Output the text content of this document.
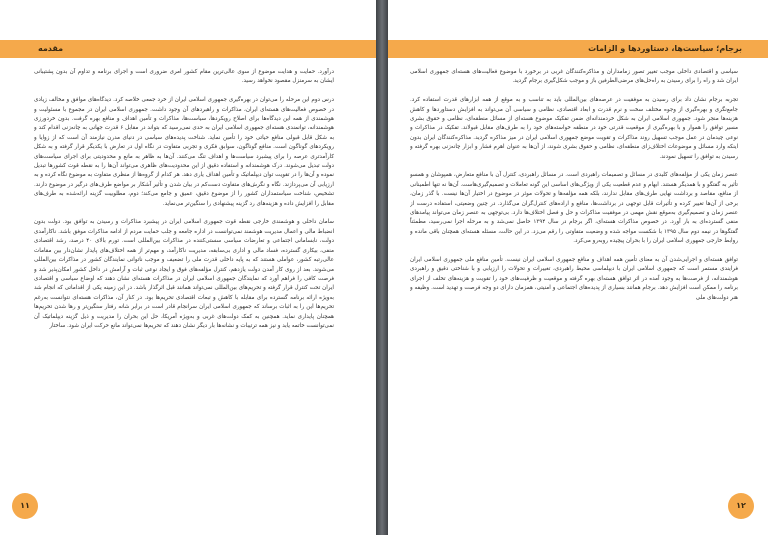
مقدمه

درآورد. حمایت و هدایت موضوع از سوی عالی‌ترین مقام کشور امری ضروری است و اجرای برنامه و تداوم آن بدون پشتیبانی ایشان به سرمنزل مقصود نخواهد رسید.

درس دوم این مرحله را می‌توان در بهره‌گیری جمهوری اسلامی ایران از خرد جمعی خلاصه کرد. دیدگاه‌های موافق و مخالف زیادی در خصوص فعالیت‌های هسته‌ای ایران، مذاکرات و راهبردهای آن وجود داشت. جمهوری اسلامی ایران در مجموع با مسئولیت و هوشمندی از همه این دیدگاه‌ها برای اصلاح رویکردها، سیاست‌ها، مذاکرات و تأمین اهداف و منافع بهره گرفت. بدون خردورزی هوشمندانه، توانمندی هسته‌ای جمهوری اسلامی ایران به حدی نمی‌رسید که بتواند در مقابل ۶ قدرت جهانی به چانه‌زنی اقدام کند و به شکل قابل قبولی منافع حیاتی خود را تأمین نماید. شناخت پدیده‌های سیاسی در دنیای مدرن نیازمند آن است که از زوایا و رویکردهای گوناگون است. منافع گوناگون، سوابق فکری و تجربی متفاوت در نگاه اول در تعارض با یکدیگر قرار گرفته و به شکل کارآمدتری عرصه را برای پیشبرد سیاست‌ها و اهداف تنگ می‌کنند. آن‌ها به ظاهر به مانع و محدودیتی برای اجرای سیاست‌های دولت تبدیل می‌شوند. درک هوشمندانه و استفاده دقیق از این محدودیت‌های ظاهری می‌تواند آن‌ها را به نقطه قوت کشورها تبدیل نموده و آن‌ها را در تقویت توان دیپلماتیک و تأمین اهداف یاری دهد. هر کدام از گروه‌ها از منظری متفاوت به موضوع نگاه کرده و به ارزیابی آن می‌پردازند. نگاه و نگرش‌های متفاوت دست‌کم در بیان شدن و تأثیر آشکار بر مواضع طرف‌های درگیر در موضوع دارند. تشخیص، شناخت سیاستمداران کشور را از موضوع دقیق، عمیق و جامع می‌کند؛ دوم، مطلوبیت گزینه ارائه‌شده به طرف‌های مقابل را افزایش داده و هزینه‌های رد گزینه پیشنهادی را سنگین‌تر می‌نماید.

سامان داخلی و هوشمندی خارجی نقطه قوت جمهوری اسلامی ایران در پیشبرد مذاکرات و رسیدن به توافق بود. دولت بدون انضباط مالی و اعمال مدیریت هوشمند نمی‌توانست در اداره جامعه و جلب حمایت مردم از ادامه مذاکرات موفق باشد. ناکارآمدی دولت، نابسامانی اجتماعی و تعارضات سیاسی سستی‌کننده در مذاکرات بین‌المللی است. تورم بالای ۴۰ درصد، رشد اقتصادی منفی، بیکاری گسترده، فساد مالی و اداری بی‌سابقه، مدیریت ناکارآمد، و مهم‌تر از همه اختلاف‌های پایدار نشان‌دار بین مقامات عالی‌رتبه کشور، عواملی هستند که به پایه داخلی قدرت ملی را تضعیف و موجب ناتوانی نمایندگان کشور در مذاکرات بین‌المللی می‌شوند. بعد از روی کار آمدن دولت یازدهم، کنترل مؤلفه‌های فوق و ایجاد نوعی ثبات و آرامش در داخل کشور امکان‌پذیر شد و فرصت کافی را فراهم آورد که نمایندگان جمهوری اسلامی ایران در مذاکرات هسته‌ای نشان دهند که اوضاع سیاسی و اقتصادی ایران تحت کنترل قرار گرفته و تحریم‌های بین‌المللی نمی‌تواند همانند قبل اثرگذار باشد. در این زمینه یکی از اقداماتی که انجام شد به‌ویژه ارائه برنامه گسترده برای مقابله با کاهش و تبعات اقتصادی تحریم‌ها بود. در کنار آن، مذاکرات هسته‌ای نتوانست به‌رغم تحریم‌ها این را به اثبات برساند که جمهوری اسلامی ایران سرانجام قادر است در برابر شانه رفتار سنگین‌تر و رها شدن تحریم‌ها همچنان پایداری نماید. همچنین به کمک دولت‌های غربی و به‌ویژه آمریکا، حل این بحران را مدیریت و ذیل گزینه دیپلماتیک آن نمی‌توانست خاتمه یابد و نیز همه ترتیبات و نشانه‌ها بار دیگر نشان دهند که تحریم‌ها نمی‌تواند مانع حرکت ایران شود. ساختار

۱۱
برجام؛ سیاست‌ها، دستاوردها و الزامات

سیاسی و اقتصادی داخلی موجب تغییر تصور زمامداران و مذاکره‌کنندگان غربی در برخورد با موضوع فعالیت‌های هسته‌ای جمهوری اسلامی ایران شد و راه را برای رسیدن به راه‌حل‌های مرضی‌الطرفین باز و موجب شکل‌گیری برجام گردید.

تجربه برجام نشان داد برای رسیدن به موفقیت در عرصه‌های بین‌المللی باید به تناسب و به موقع از همه ابزارهای قدرت استفاده کرد. جامع‌نگری و بهره‌گیری از وجوه مختلف سخت و نرم قدرت و ابعاد اقتصادی، نظامی و سیاسی آن می‌تواند به افزایش دستاوردها و کاهش هزینه‌ها منجر شود. جمهوری اسلامی ایران به شکل خردمندانه‌ای ضمن تفکیک موضوع هسته‌ای از مسائل منطقه‌ای، نظامی و حقوق بشری مسیر توافق را هموار و با بهره‌گیری از موقعیت قدرتی خود در منطقه خواسته‌های خود را به طرف‌های مقابل قبولاند. تفکیک در مذاکرات و نوعی چیدمان در عمل موجب تسهیل روند مذاکرات و تقویت موضع جمهوری اسلامی ایران در میز مذاکره گردید. مذاکره‌کنندگان ایران بدون اینکه وارد مسائل و موضوعات اختلاف‌زای منطقه‌ای، نظامی و حقوق بشری شوند، از آن‌ها به عنوان اهرم فشار و ابزار چانه‌زنی بهره گرفته و رسیدن به توافق را تسهیل نمودند.

عنصر زمان یکی از مؤلفه‌های کلیدی در مسائل و تصمیمات راهبردی است. در مسائل راهبردی، کنترل آن با منافع متعارض، همپوشان و همسو تأثیر به گفتگو و با همدیگر هستند. ابهام و عدم قطعیت یکی از ویژگی‌های اساسی این گونه تعاملات و تصمیم‌گیری‌هاست. آن‌ها نه تنها اطمینانی از منافع، مقاصد و برداشت نهایی طرف‌های مقابل ندارند، بلکه همه مؤلفه‌ها و تحولات موثر در موضوع در اختیار آن‌ها نیست. با گذر زمان، برخی از آن‌ها تغییر کرده و تأثیرات قابل توجهی در برداشت‌ها، منافع و اراده‌های کنترل‌گران می‌گذارد. در چنین وضعیتی، استفاده درست از عنصر زمان و تصمیم‌گیری به‌موقع نقش مهمی در موفقیت مذاکرات و حل و فصل اختلاف‌ها دارد. بی‌توجهی به عنصر زمان می‌تواند پیامدهای منفی گسترده‌ای به بار آورد. در خصوص مذاکرات هسته‌ای، اگر برجام در سال ۱۳۹۴ حاصل نمی‌شد و به مرحله اجرا نمی‌رسید، مطمئناً گفتگوها در نیمه دوم سال ۱۳۹۵ با شکست مواجه شده و وضعیت متفاوتی را رقم می‌زد. در این حالت، مسئله هسته‌ای همچنان باقی مانده و روابط خارجی جمهوری اسلامی ایران را با بحران پیچیده روبه‌رو می‌کرد.

توافق هسته‌ای و اجرایی‌شدن آن به معنای تأمین همه اهداف و منافع جمهوری اسلامی ایران نیست. تأمین منافع ملی جمهوری اسلامی ایران فرایندی مستمر است که جمهوری اسلامی ایران با دیپلماسی محیط راهبردی، تغییرات و تحولات را ارزیابی و با شناختی دقیق و راهبردی هوشمندانه، از فرصت‌ها به وجود آمده در اثر توافق هسته‌ای بهره گرفته و موقعیت و ظرفیت‌های خود را تقویت و هزینه‌های تخلف از اجرای برنامه را ممکن است افزایش دهد. برجام همانند بسیاری از پدیده‌های اجتماعی و امنیتی، همزمان دارای دو وجه فرصت و تهدید است. وظیفه و هنر دولت‌های ملی

۱۲
